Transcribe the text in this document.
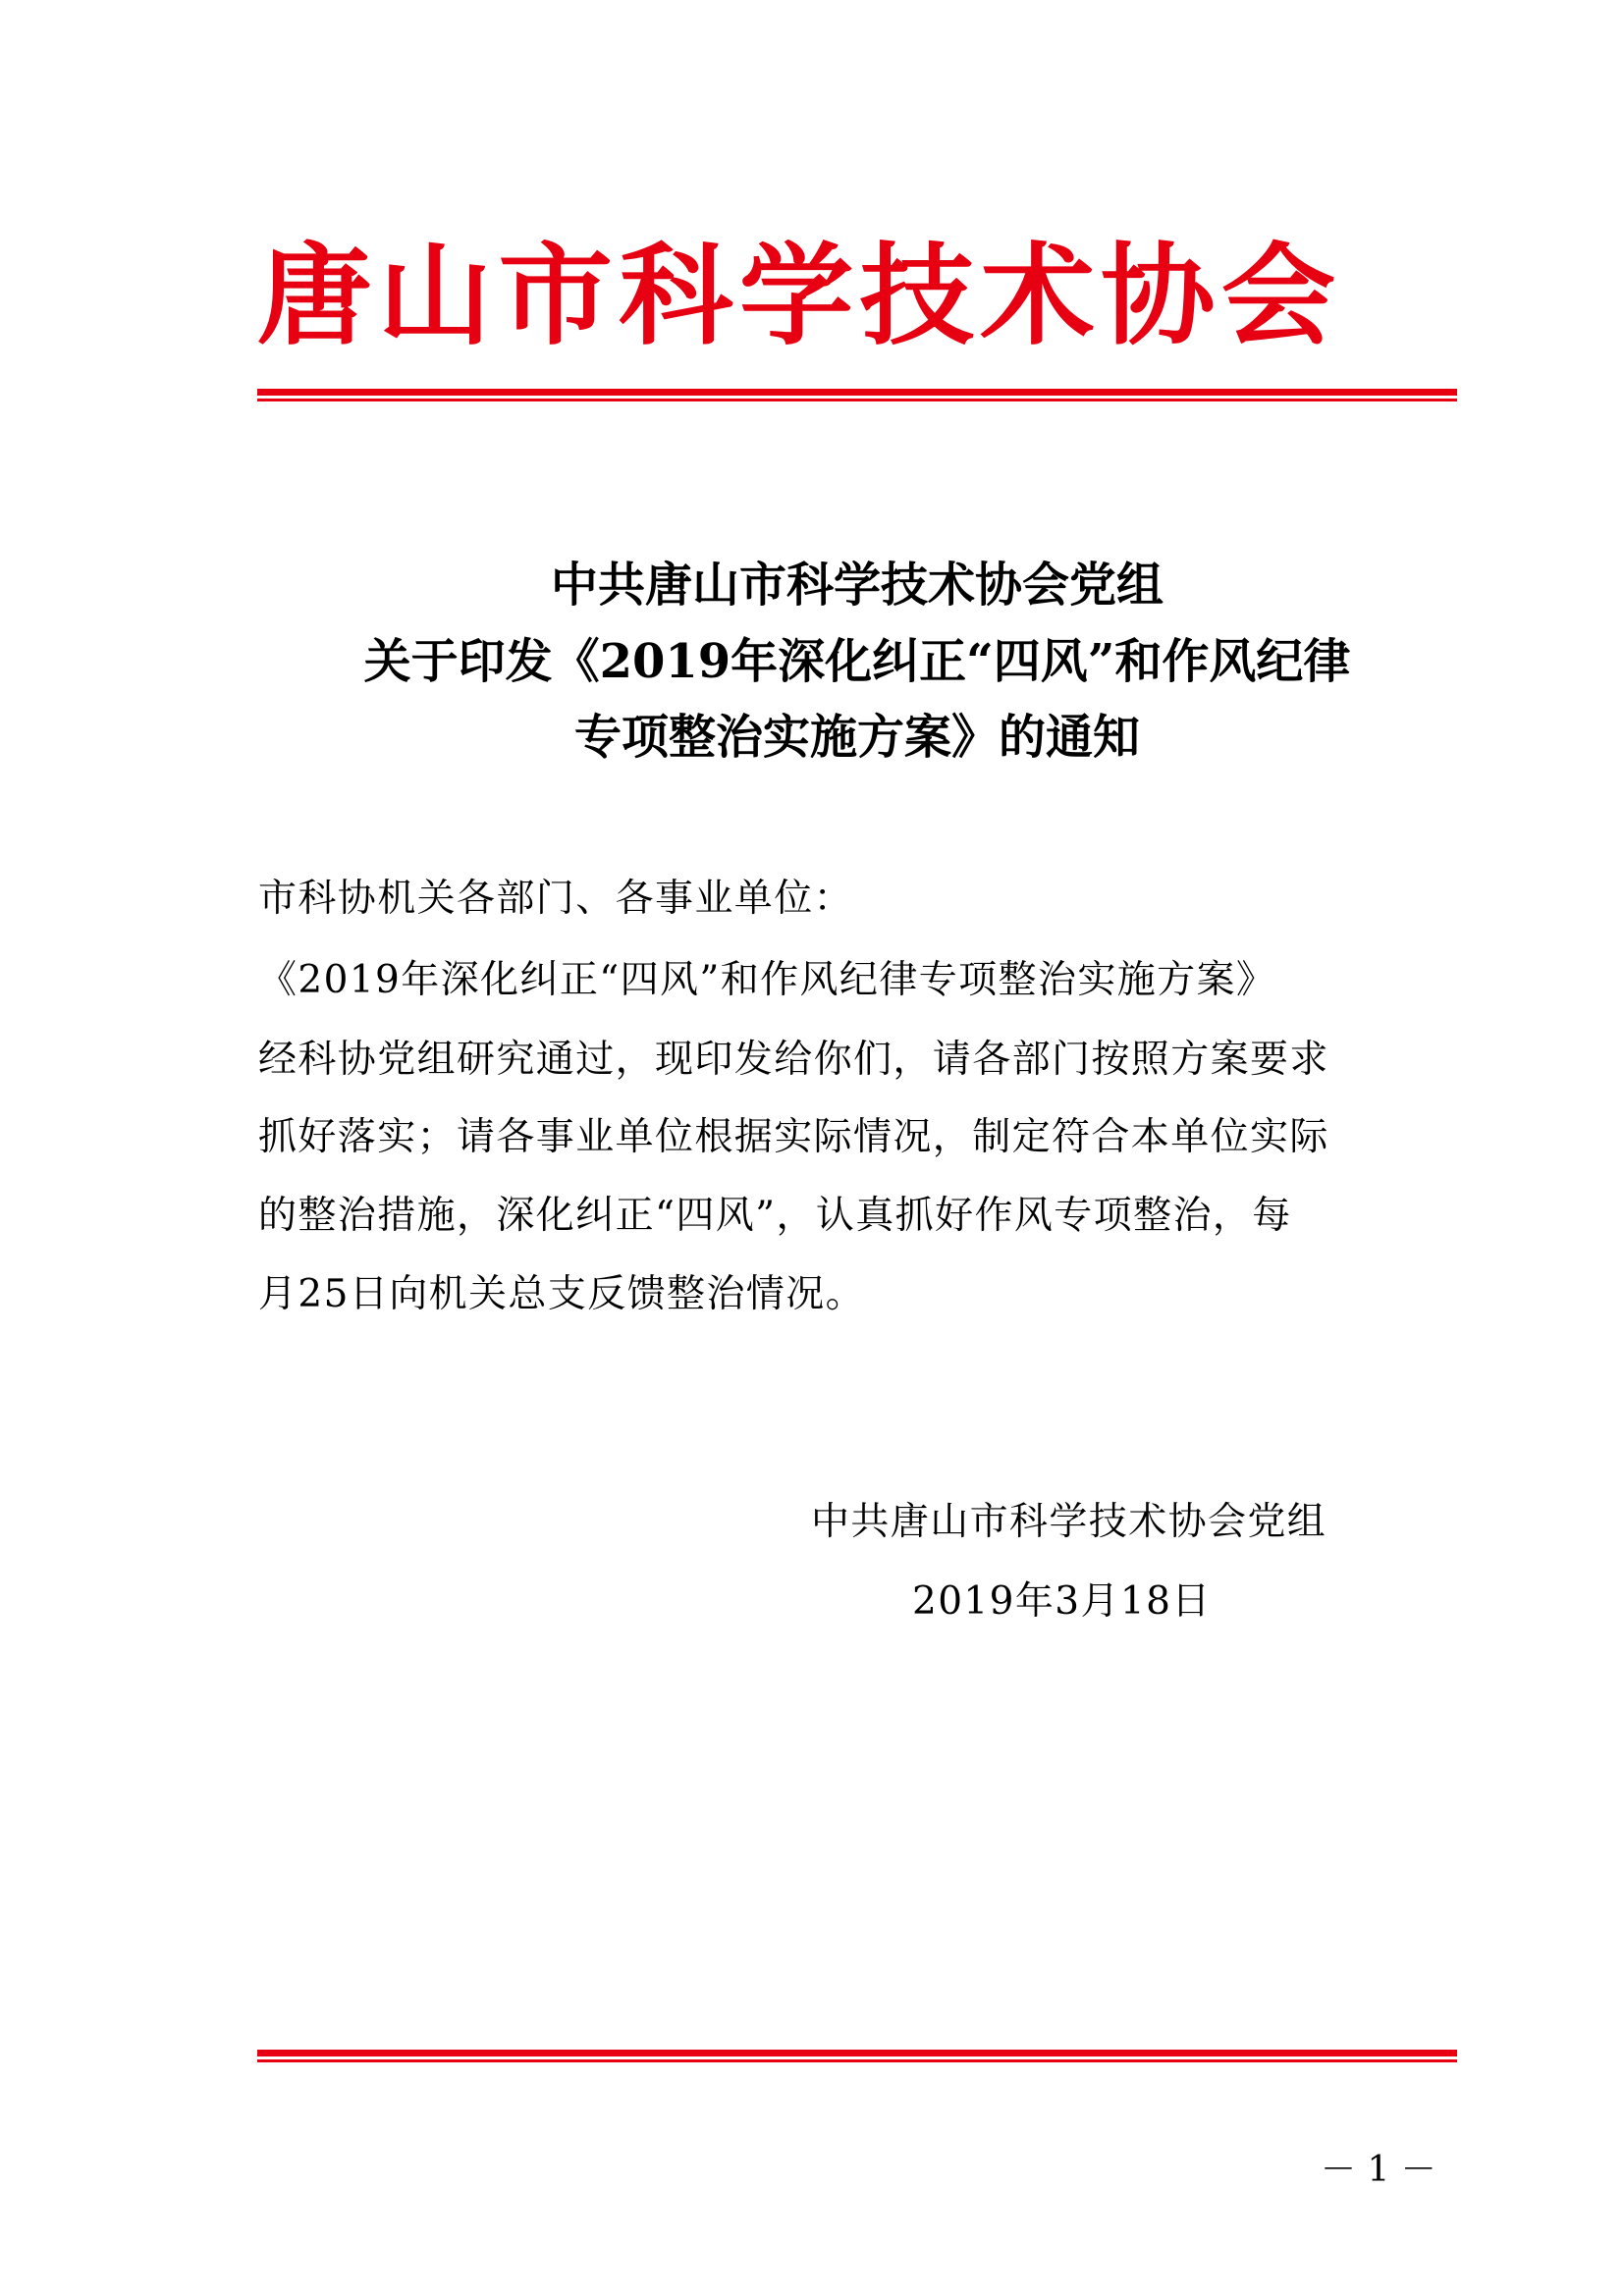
唐山市科学技术协会
中共唐山市科学技术协会党组
关于印发《2019年深化纠正“四风”和作风纪律
专项整治实施方案》的通知
市科协机关各部门、各事业单位：
《2019年深化纠正“四风”和作风纪律专项整治实施方案》
经科协党组研究通过，现印发给你们，请各部门按照方案要求
抓好落实；请各事业单位根据实际情况，制定符合本单位实际
的整治措施，深化纠正“四风”，认真抓好作风专项整治，每
月25日向机关总支反馈整治情况。
中共唐山市科学技术协会党组
2019年3月18日
－ 1 －
